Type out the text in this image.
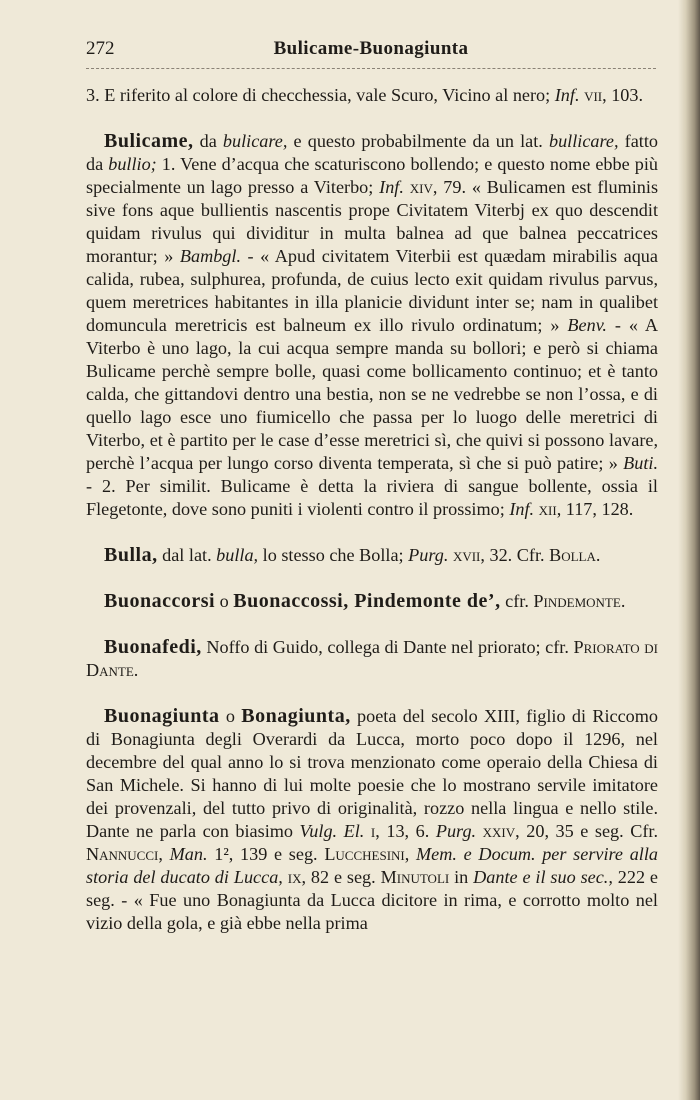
272	Bulicame-Buonagiunta

3. E riferito al colore di checchessia, vale Scuro, Vicino al nero; Inf. vii, 103.

Bulicame, da bulicare, e questo probabilmente da un lat. bullicare, fatto da bullio; 1. Vene d’acqua che scaturiscono bollendo; e questo nome ebbe più specialmente un lago presso a Viterbo; Inf. xiv, 79. « Bulicamen est fluminis sive fons aque bullientis nascentis prope Civitatem Viterbj ex quo descendit quidam rivulus qui dividitur in multa balnea ad que balnea peccatrices morantur; » Bambgl. - « Apud civitatem Viterbii est quædam mirabilis aqua calida, rubea, sulphurea, profunda, de cuius lecto exit quidam rivulus parvus, quem meretrices habitantes in illa planicie dividunt inter se; nam in qualibet domuncula meretricis est balneum ex illo rivulo ordinatum; » Benv. - « A Viterbo è uno lago, la cui acqua sempre manda su bollori; e però si chiama Bulicame perchè sempre bolle, quasi come bollicamento continuo; et è tanto calda, che gittandovi dentro una bestia, non se ne vedrebbe se non l’ossa, e di quello lago esce uno fiumicello che passa per lo luogo delle meretrici di Viterbo, et è partito per le case d’esse meretrici sì, che quivi si possono lavare, perchè l’acqua per lungo corso diventa temperata, sì che si può patire; » Buti. - 2. Per similit. Bulicame è detta la riviera di sangue bollente, ossia il Flegetonte, dove sono puniti i violenti contro il prossimo; Inf. xii, 117, 128.

Bulla, dal lat. bulla, lo stesso che Bolla; Purg. xvii, 32. Cfr. Bolla.

Buonaccorsi o Buonaccossi, Pindemonte de’, cfr. Pindemonte.

Buonafedi, Noffo di Guido, collega di Dante nel priorato; cfr. Priorato di Dante.

Buonagiunta o Bonagiunta, poeta del secolo XIII, figlio di Riccomo di Bonagiunta degli Overardi da Lucca, morto poco dopo il 1296, nel decembre del qual anno lo si trova menzionato come operaio della Chiesa di San Michele. Si hanno di lui molte poesie che lo mostrano servile imitatore dei provenzali, del tutto privo di originalità, rozzo nella lingua e nello stile. Dante ne parla con biasimo Vulg. El. i, 13, 6. Purg. xxiv, 20, 35 e seg. Cfr. Nannucci, Man. 1², 139 e seg. Lucchesini, Mem. e Docum. per servire alla storia del ducato di Lucca, ix, 82 e seg. Minutoli in Dante e il suo sec., 222 e seg. - « Fue uno Bonagiunta da Lucca dicitore in rima, e corrotto molto nel vizio della gola, e già ebbe nella prima
